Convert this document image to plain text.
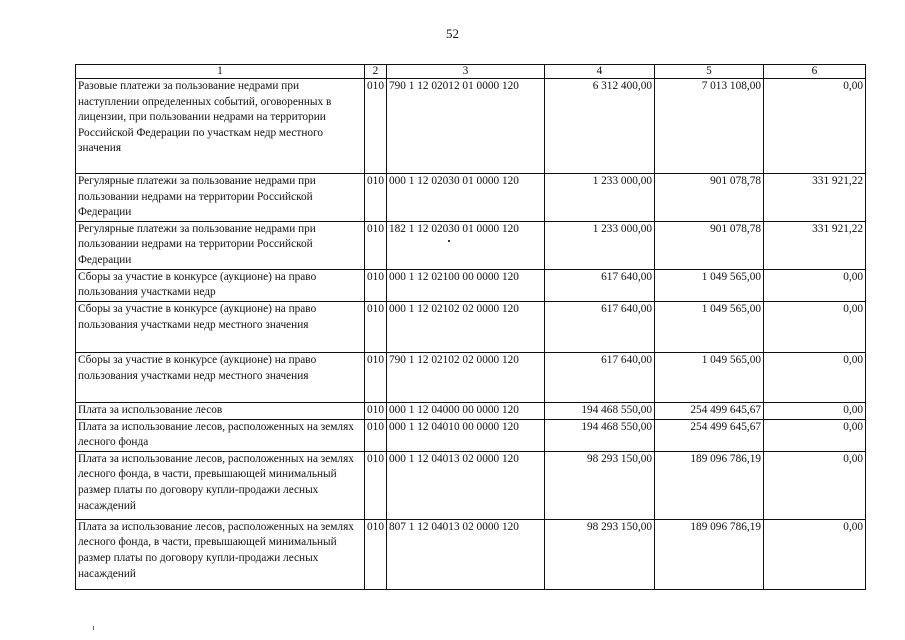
52
1	2	3	4	5	6
Разовые платежи за пользование недрами при наступлении определенных событий, оговоренных в лицензии, при пользовании недрами на территории Российской Федерации по участкам недр местного значения	010	790 1 12 02012 01 0000 120	6 312 400,00	7 013 108,00	0,00
Регулярные платежи за пользование недрами при пользовании недрами на территории Российской Федерации	010	000 1 12 02030 01 0000 120	1 233 000,00	901 078,78	331 921,22
Регулярные платежи за пользование недрами при пользовании недрами на территории Российской Федерации	010	182 1 12 02030 01 0000 120	1 233 000,00	901 078,78	331 921,22
Сборы за участие в конкурсе (аукционе) на право пользования участками недр	010	000 1 12 02100 00 0000 120	617 640,00	1 049 565,00	0,00
Сборы за участие в конкурсе (аукционе) на право пользования участками недр местного значения	010	000 1 12 02102 02 0000 120	617 640,00	1 049 565,00	0,00
Сборы за участие в конкурсе (аукционе) на право пользования участками недр местного значения	010	790 1 12 02102 02 0000 120	617 640,00	1 049 565,00	0,00
Плата за использование лесов	010	000 1 12 04000 00 0000 120	194 468 550,00	254 499 645,67	0,00
Плата за использование лесов, расположенных на землях лесного фонда	010	000 1 12 04010 00 0000 120	194 468 550,00	254 499 645,67	0,00
Плата за использование лесов, расположенных на землях лесного фонда, в части, превышающей минимальный размер платы по договору купли-продажи лесных насаждений	010	000 1 12 04013 02 0000 120	98 293 150,00	189 096 786,19	0,00
Плата за использование лесов, расположенных на землях лесного фонда, в части, превышающей минимальный размер платы по договору купли-продажи лесных насаждений	010	807 1 12 04013 02 0000 120	98 293 150,00	189 096 786,19	0,00
